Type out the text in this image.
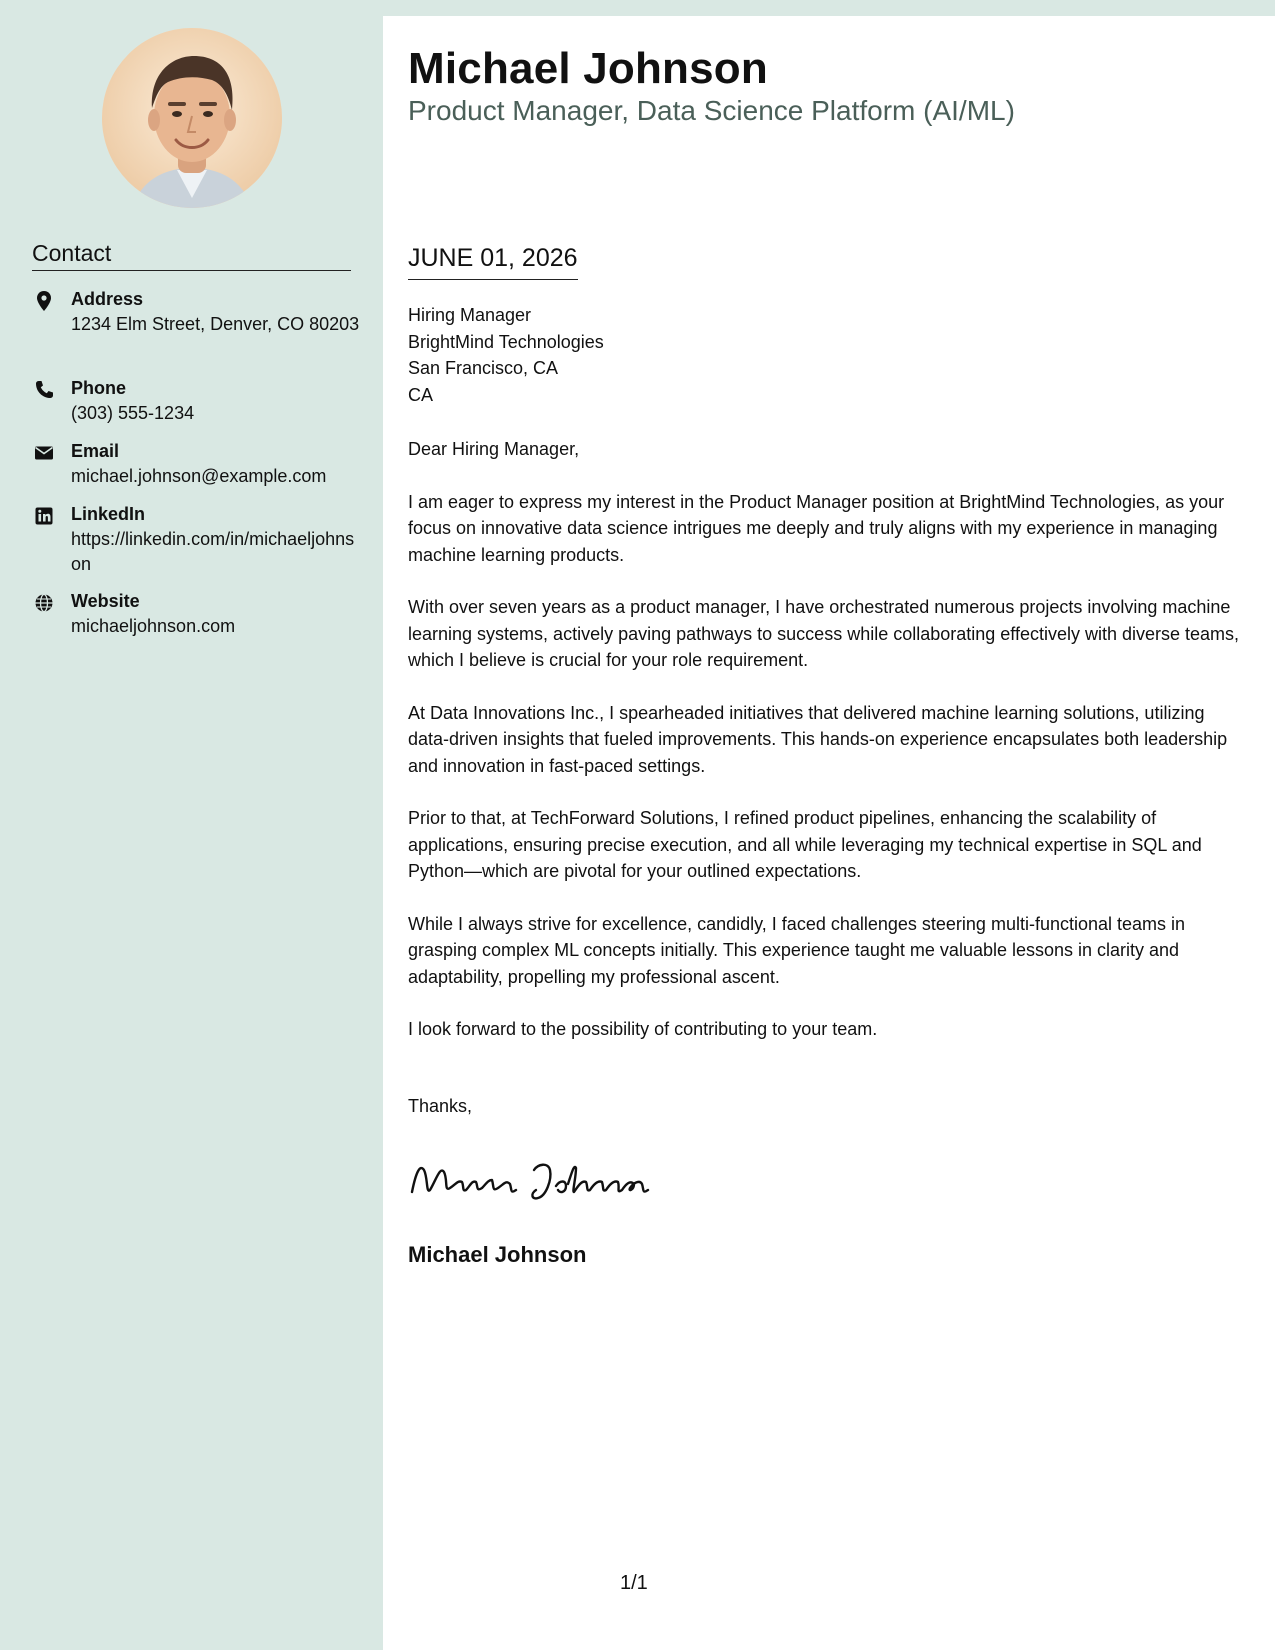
Contact
Address
1234 Elm Street, Denver, CO 80203
Phone
(303) 555-1234
Email
michael.johnson@example.com
LinkedIn
https://linkedin.com/in/michaeljohnson
Website
michaeljohnson.com
Michael Johnson
Product Manager, Data Science Platform (AI/ML)
JUNE 01, 2026
Hiring Manager
BrightMind Technologies
San Francisco, CA
CA

Dear Hiring Manager,

I am eager to express my interest in the Product Manager position at BrightMind Technologies, as your focus on innovative data science intrigues me deeply and truly aligns with my experience in managing machine learning products.

With over seven years as a product manager, I have orchestrated numerous projects involving machine learning systems, actively paving pathways to success while collaborating effectively with diverse teams, which I believe is crucial for your role requirement.

At Data Innovations Inc., I spearheaded initiatives that delivered machine learning solutions, utilizing data-driven insights that fueled improvements. This hands-on experience encapsulates both leadership and innovation in fast-paced settings.

Prior to that, at TechForward Solutions, I refined product pipelines, enhancing the scalability of applications, ensuring precise execution, and all while leveraging my technical expertise in SQL and Python—which are pivotal for your outlined expectations.

While I always strive for excellence, candidly, I faced challenges steering multi-functional teams in grasping complex ML concepts initially. This experience taught me valuable lessons in clarity and adaptability, propelling my professional ascent.

I look forward to the possibility of contributing to your team.

Thanks,
Michael Johnson
1/1
